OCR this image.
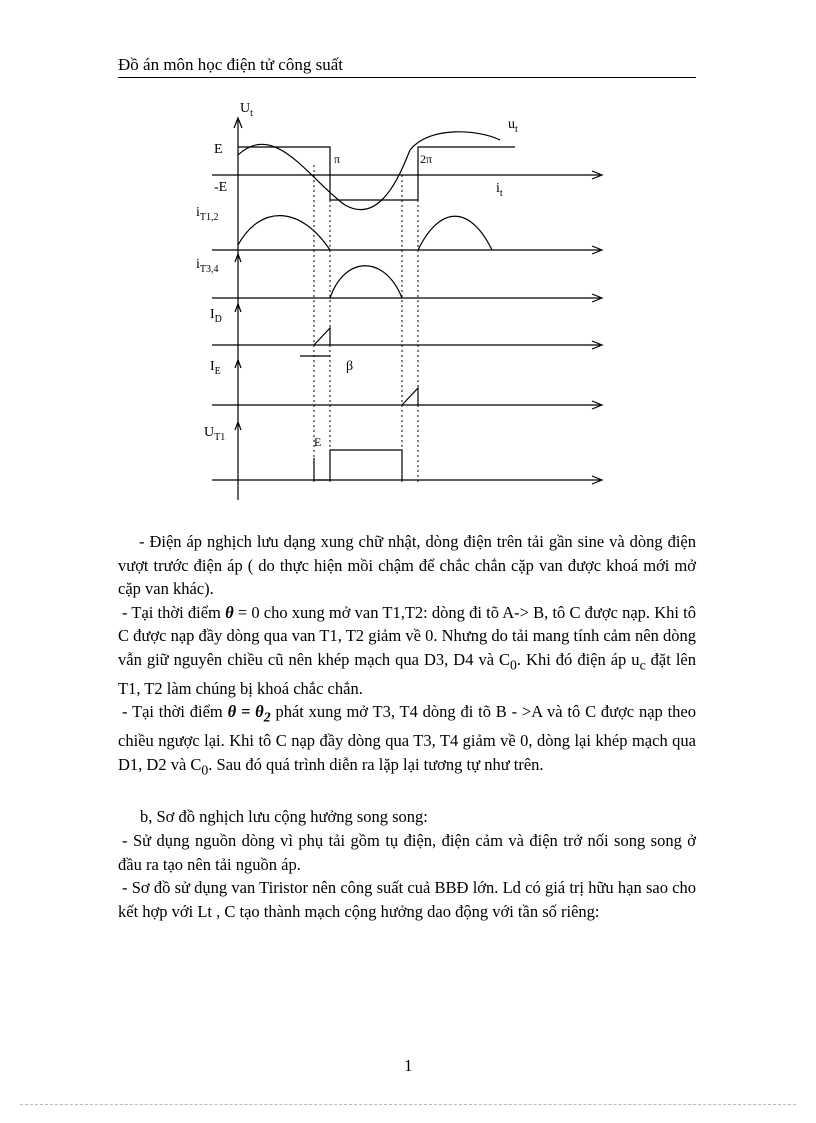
Đồ án môn học điện tử công suất
$U_t$
$u_t$
E
-E
π	2π
$i_t$
$i_{T1,2}$
$i_{T3,4}$
$I_D$
$I_E$	β
$U_{T1}$	E

- Điện áp nghịch lưu dạng xung chữ nhật, dòng điện trên tải gần sine và dòng điện vượt trước điện áp ( do thực hiện mồi chậm để chắc chắn cặp van được khoá mới mở cặp van khác).

- Tại thời điểm θ = 0 cho xung mở van T1,T2: dòng đi tõ A-> B, tô C được nạp. Khi tô C được nạp đầy dòng qua van T1, T2 giảm về 0. Nhưng do tải mang tính cảm nên dòng vẫn giữ nguyên chiều cũ nên khép mạch qua D3, D4 và $C_0$. Khi đó điện áp $u_c$ đặt lên T1, T2 làm chúng bị khoá chắc chắn.

- Tại thời điểm $\theta = \theta_2$ phát xung mở T3, T4 dòng đi tõ B - >A và tô C được nạp theo chiều ngược lại. Khi tô C nạp đầy dòng qua T3, T4 giảm về 0, dòng lại khép mạch qua D1, D2 và $C_0$. Sau đó quá trình diễn ra lặp lại tương tự như trên.

b, Sơ đồ nghịch lưu cộng hưởng song song:

- Sử dụng nguồn dòng vì phụ tải gồm tụ điện, điện cảm và điện trở nối song song ở đầu ra tạo nên tải nguồn áp.

- Sơ đồ sử dụng van Tiristor nên công suất cuả BBĐ lớn. Ld có giá trị hữu hạn sao cho kết hợp với Lt , C tạo thành mạch cộng hưởng dao động với tần số riêng:

1
